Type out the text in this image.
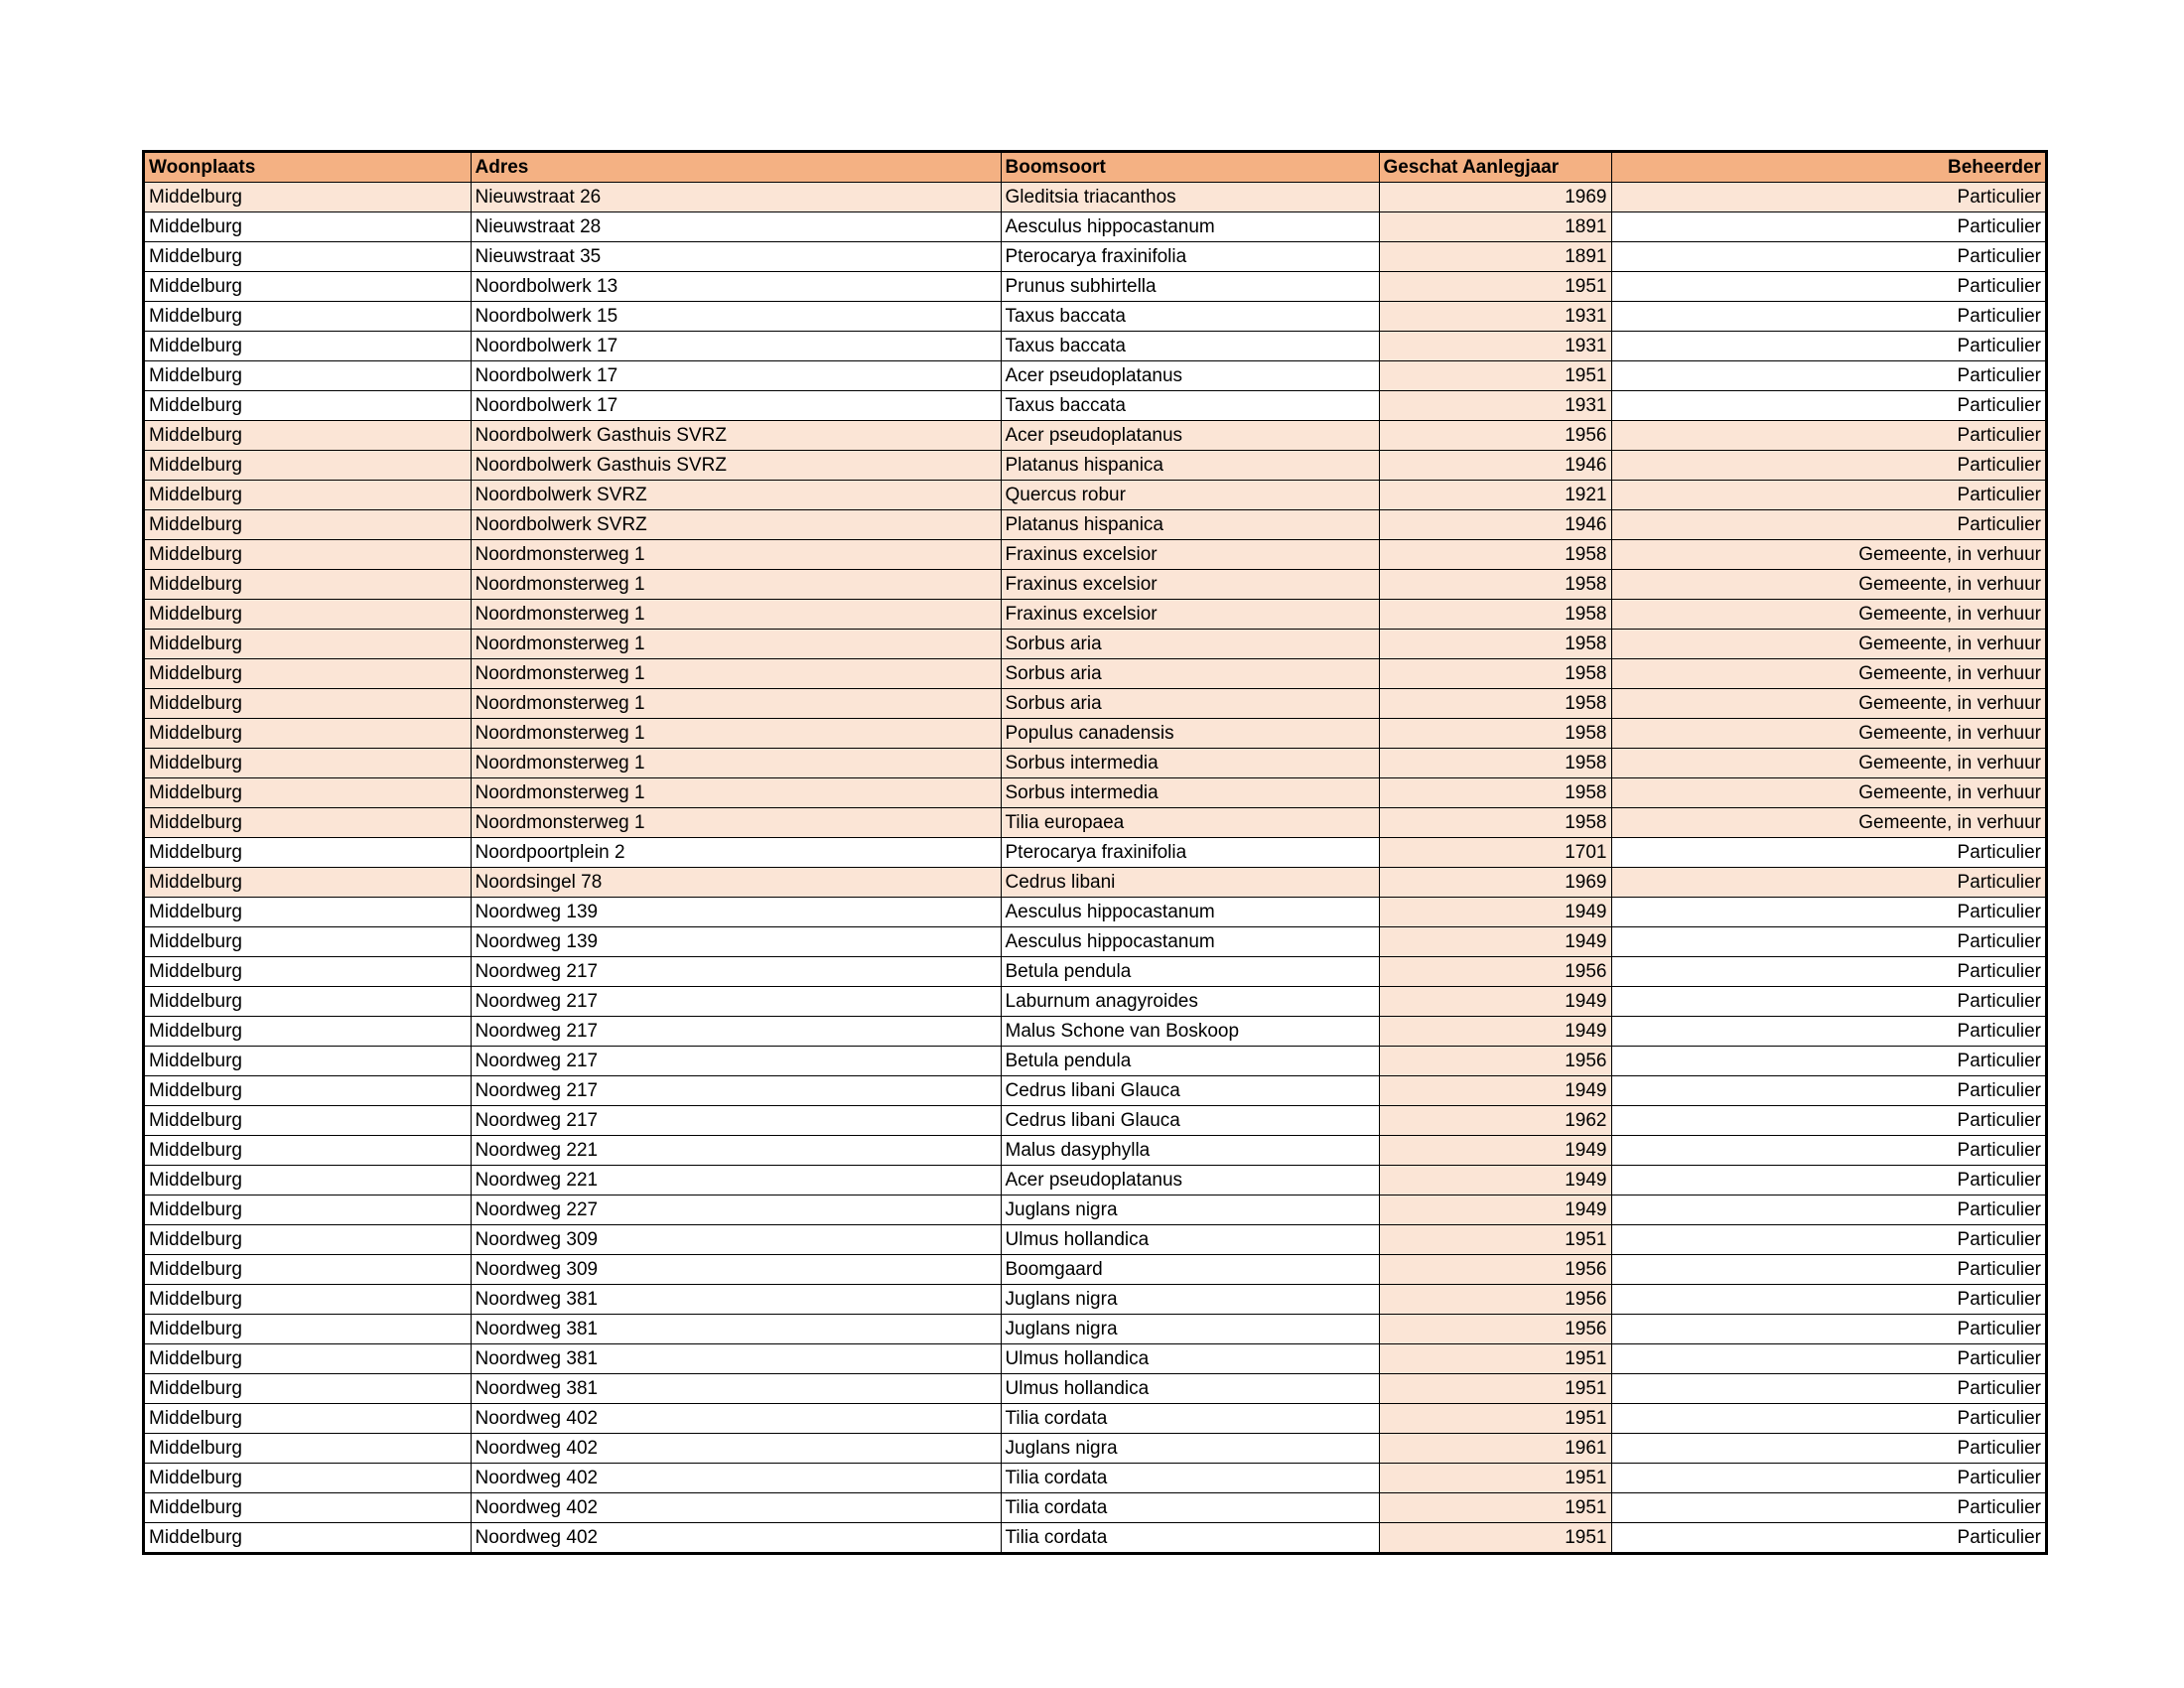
Woonplaats	Adres	Boomsoort	Geschat Aanlegjaar	Beheerder
Middelburg	Nieuwstraat 26	Gleditsia triacanthos	1969	Particulier
Middelburg	Nieuwstraat 28	Aesculus hippocastanum	1891	Particulier
Middelburg	Nieuwstraat 35	Pterocarya fraxinifolia	1891	Particulier
Middelburg	Noordbolwerk 13	Prunus subhirtella	1951	Particulier
Middelburg	Noordbolwerk 15	Taxus baccata	1931	Particulier
Middelburg	Noordbolwerk 17	Taxus baccata	1931	Particulier
Middelburg	Noordbolwerk 17	Acer pseudoplatanus	1951	Particulier
Middelburg	Noordbolwerk 17	Taxus baccata	1931	Particulier
Middelburg	Noordbolwerk Gasthuis SVRZ	Acer pseudoplatanus	1956	Particulier
Middelburg	Noordbolwerk Gasthuis SVRZ	Platanus hispanica	1946	Particulier
Middelburg	Noordbolwerk SVRZ	Quercus robur	1921	Particulier
Middelburg	Noordbolwerk SVRZ	Platanus hispanica	1946	Particulier
Middelburg	Noordmonsterweg 1	Fraxinus excelsior	1958	Gemeente, in verhuur
Middelburg	Noordmonsterweg 1	Fraxinus excelsior	1958	Gemeente, in verhuur
Middelburg	Noordmonsterweg 1	Fraxinus excelsior	1958	Gemeente, in verhuur
Middelburg	Noordmonsterweg 1	Sorbus aria	1958	Gemeente, in verhuur
Middelburg	Noordmonsterweg 1	Sorbus aria	1958	Gemeente, in verhuur
Middelburg	Noordmonsterweg 1	Sorbus aria	1958	Gemeente, in verhuur
Middelburg	Noordmonsterweg 1	Populus canadensis	1958	Gemeente, in verhuur
Middelburg	Noordmonsterweg 1	Sorbus intermedia	1958	Gemeente, in verhuur
Middelburg	Noordmonsterweg 1	Sorbus intermedia	1958	Gemeente, in verhuur
Middelburg	Noordmonsterweg 1	Tilia europaea	1958	Gemeente, in verhuur
Middelburg	Noordpoortplein 2	Pterocarya fraxinifolia	1701	Particulier
Middelburg	Noordsingel 78	Cedrus libani	1969	Particulier
Middelburg	Noordweg 139	Aesculus hippocastanum	1949	Particulier
Middelburg	Noordweg 139	Aesculus hippocastanum	1949	Particulier
Middelburg	Noordweg 217	Betula pendula	1956	Particulier
Middelburg	Noordweg 217	Laburnum anagyroides	1949	Particulier
Middelburg	Noordweg 217	Malus Schone van Boskoop	1949	Particulier
Middelburg	Noordweg 217	Betula pendula	1956	Particulier
Middelburg	Noordweg 217	Cedrus libani Glauca	1949	Particulier
Middelburg	Noordweg 217	Cedrus libani Glauca	1962	Particulier
Middelburg	Noordweg 221	Malus dasyphylla	1949	Particulier
Middelburg	Noordweg 221	Acer pseudoplatanus	1949	Particulier
Middelburg	Noordweg 227	Juglans nigra	1949	Particulier
Middelburg	Noordweg 309	Ulmus hollandica	1951	Particulier
Middelburg	Noordweg 309	Boomgaard	1956	Particulier
Middelburg	Noordweg 381	Juglans nigra	1956	Particulier
Middelburg	Noordweg 381	Juglans nigra	1956	Particulier
Middelburg	Noordweg 381	Ulmus hollandica	1951	Particulier
Middelburg	Noordweg 381	Ulmus hollandica	1951	Particulier
Middelburg	Noordweg 402	Tilia cordata	1951	Particulier
Middelburg	Noordweg 402	Juglans nigra	1961	Particulier
Middelburg	Noordweg 402	Tilia cordata	1951	Particulier
Middelburg	Noordweg 402	Tilia cordata	1951	Particulier
Middelburg	Noordweg 402	Tilia cordata	1951	Particulier
